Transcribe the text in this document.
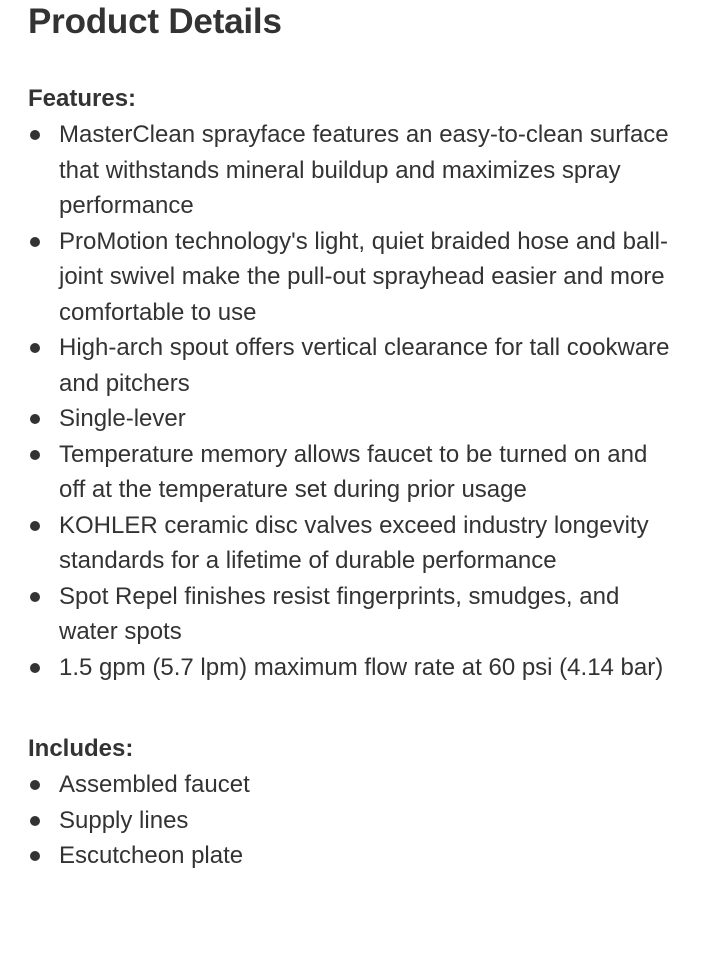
Product Details
Features:
MasterClean sprayface features an easy-to-clean surface that withstands mineral buildup and maximizes spray performance
ProMotion technology's light, quiet braided hose and ball-joint swivel make the pull-out sprayhead easier and more comfortable to use
High-arch spout offers vertical clearance for tall cookware and pitchers
Single-lever
Temperature memory allows faucet to be turned on and off at the temperature set during prior usage
KOHLER ceramic disc valves exceed industry longevity standards for a lifetime of durable performance
Spot Repel finishes resist fingerprints, smudges, and water spots
1.5 gpm (5.7 lpm) maximum flow rate at 60 psi (4.14 bar)
Includes:
Assembled faucet
Supply lines
Escutcheon plate
